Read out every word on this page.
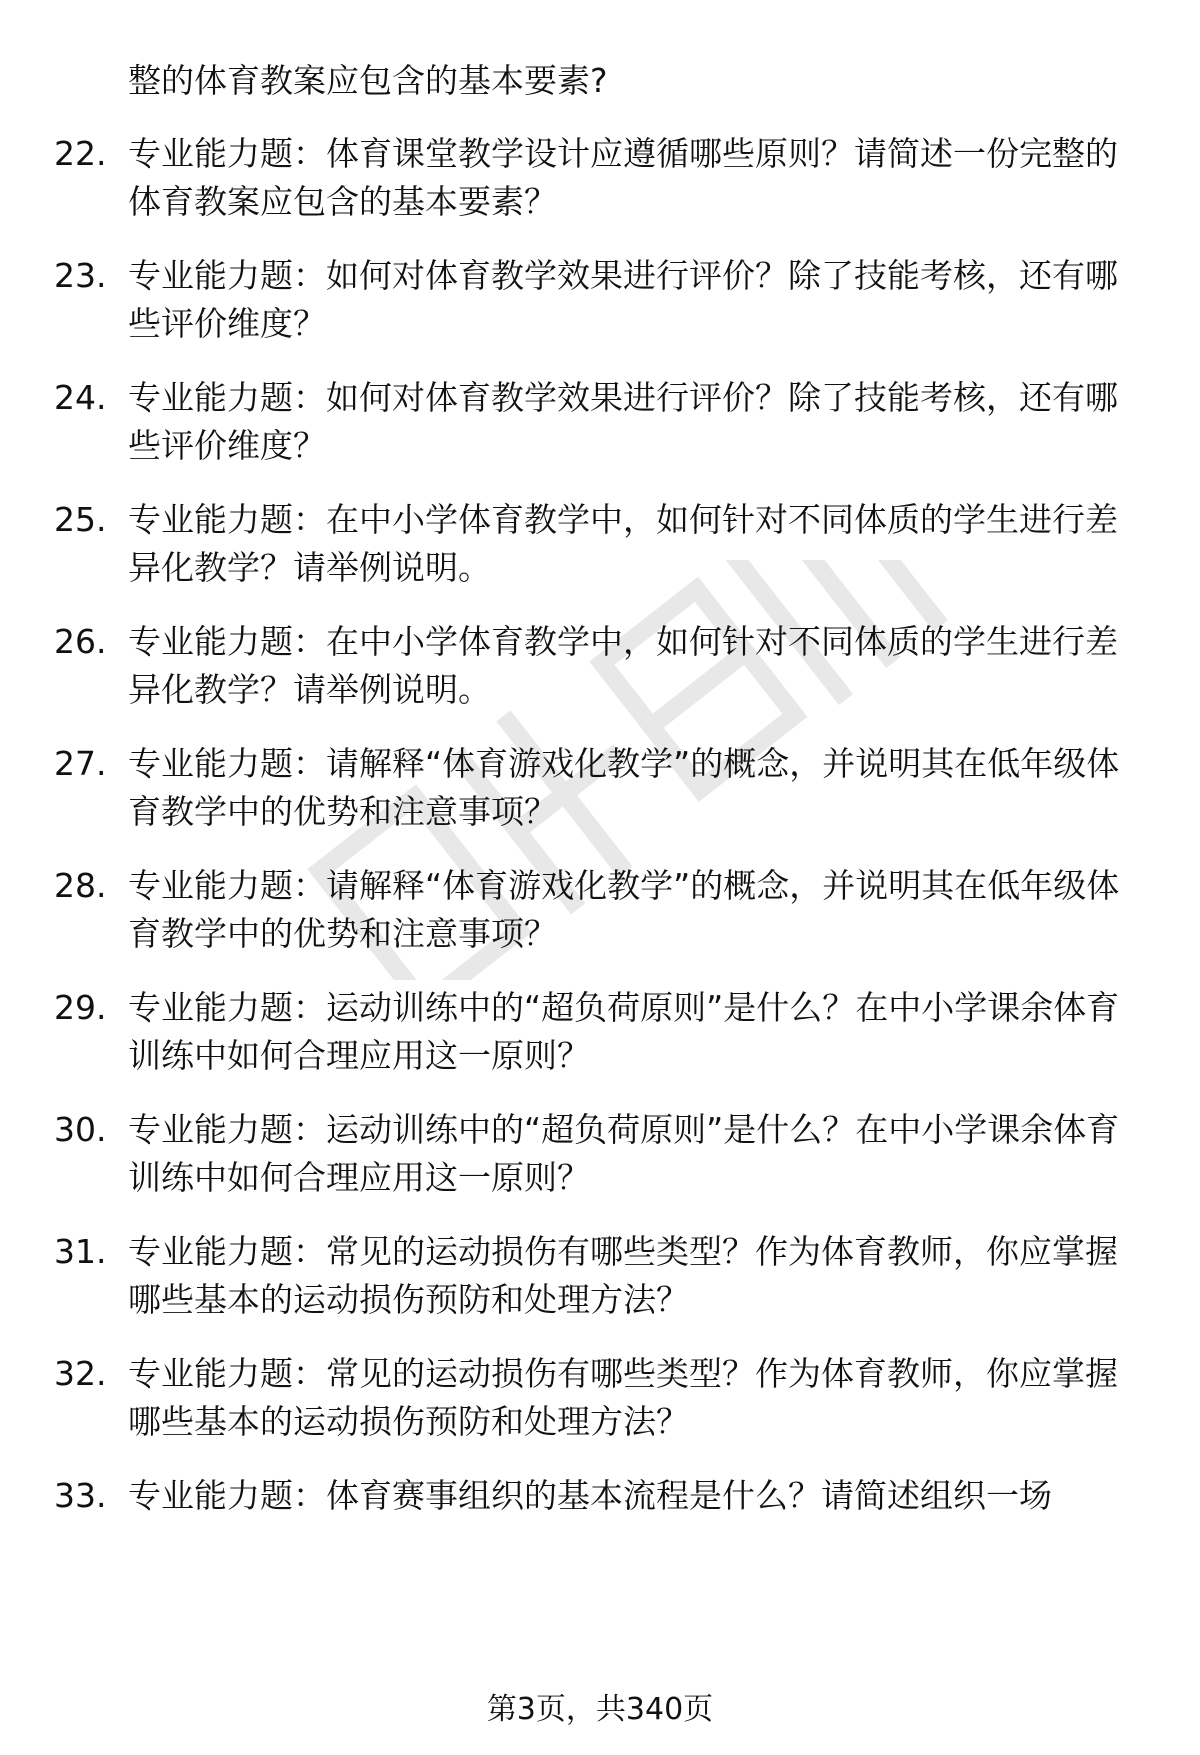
整的体育教案应包含的基本要素?
22. 专业能力题：体育课堂教学设计应遵循哪些原则？请简述一份完整的体育教案应包含的基本要素？
23. 专业能力题：如何对体育教学效果进行评价？除了技能考核，还有哪些评价维度？
24. 专业能力题：如何对体育教学效果进行评价？除了技能考核，还有哪些评价维度？
25. 专业能力题：在中小学体育教学中，如何针对不同体质的学生进行差异化教学？请举例说明。
26. 专业能力题：在中小学体育教学中，如何针对不同体质的学生进行差异化教学？请举例说明。
27. 专业能力题：请解释“体育游戏化教学”的概念，并说明其在低年级体育教学中的优势和注意事项？
28. 专业能力题：请解释“体育游戏化教学”的概念，并说明其在低年级体育教学中的优势和注意事项？
29. 专业能力题：运动训练中的“超负荷原则”是什么？在中小学课余体育训练中如何合理应用这一原则？
30. 专业能力题：运动训练中的“超负荷原则”是什么？在中小学课余体育训练中如何合理应用这一原则？
31. 专业能力题：常见的运动损伤有哪些类型？作为体育教师，你应掌握哪些基本的运动损伤预防和处理方法？
32. 专业能力题：常见的运动损伤有哪些类型？作为体育教师，你应掌握哪些基本的运动损伤预防和处理方法？
33. 专业能力题：体育赛事组织的基本流程是什么？请简述组织一场
第3页，共340页
